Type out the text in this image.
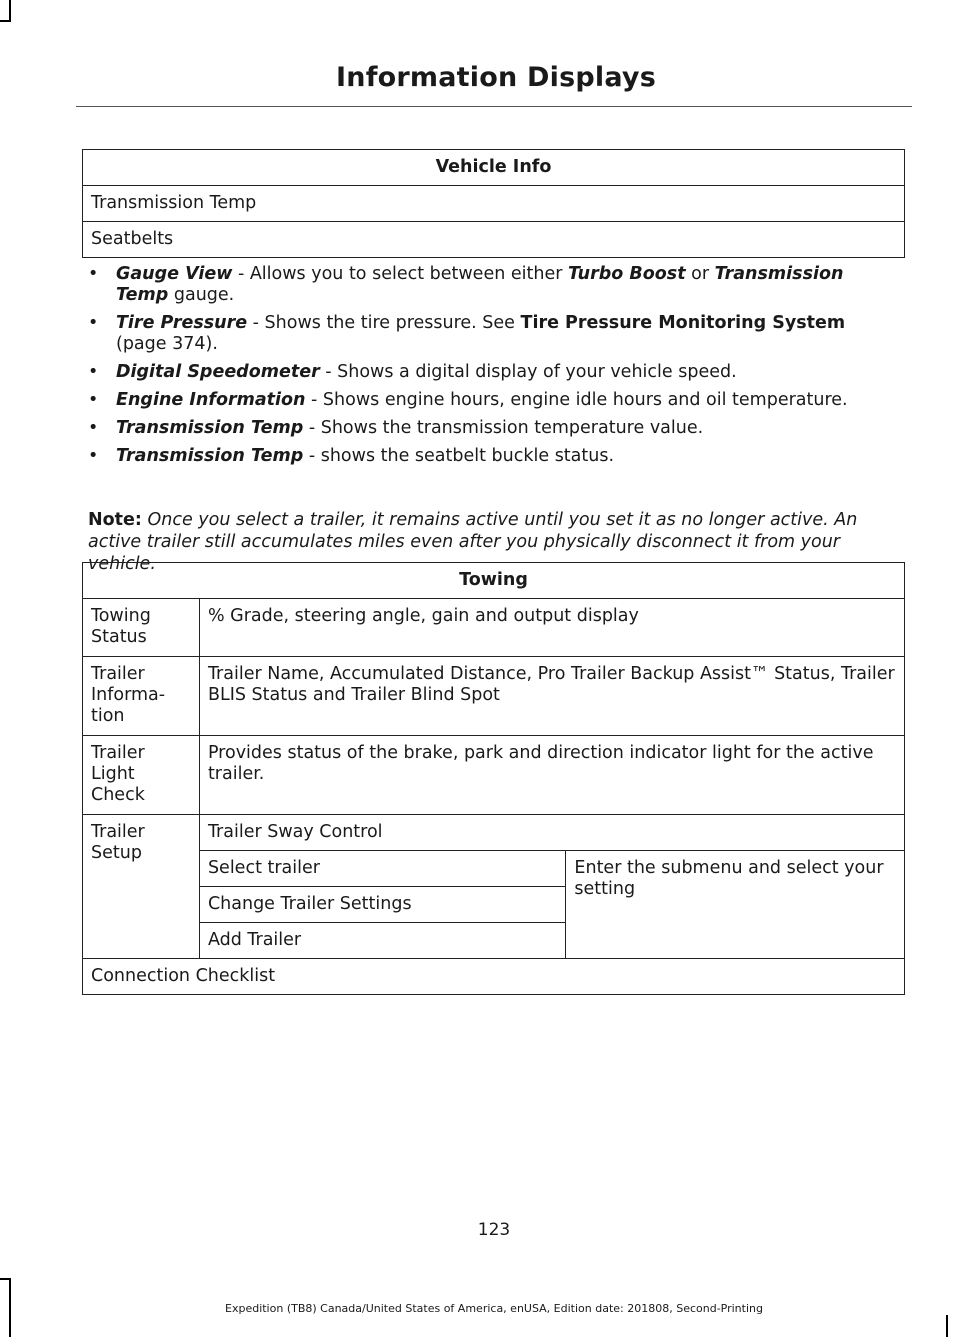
Information Displays
Vehicle Info
Transmission Temp
Seatbelts
• Gauge View - Allows you to select between either Turbo Boost or Transmission Temp gauge.
• Tire Pressure - Shows the tire pressure. See Tire Pressure Monitoring System (page 374).
• Digital Speedometer - Shows a digital display of your vehicle speed.
• Engine Information - Shows engine hours, engine idle hours and oil temperature.
• Transmission Temp - Shows the transmission temperature value.
• Transmission Temp - shows the seatbelt buckle status.
Note: Once you select a trailer, it remains active until you set it as no longer active. An active trailer still accumulates miles even after you physically disconnect it from your vehicle.
Towing		
Towing Status	% Grade, steering angle, gain and output display	
Trailer Informa-tion	Trailer Name, Accumulated Distance, Pro Trailer Backup Assist™ Status, Trailer BLIS Status and Trailer Blind Spot	
Trailer Light Check	Provides status of the brake, park and direction indicator light for the active trailer.	
Trailer Setup	Trailer Sway Control	
	Select trailer	Enter the submenu and select your setting
	Change Trailer Settings	
	Add Trailer	
Connection Checklist		
123
Expedition (TB8) Canada/United States of America, enUSA, Edition date: 201808, Second-Printing
